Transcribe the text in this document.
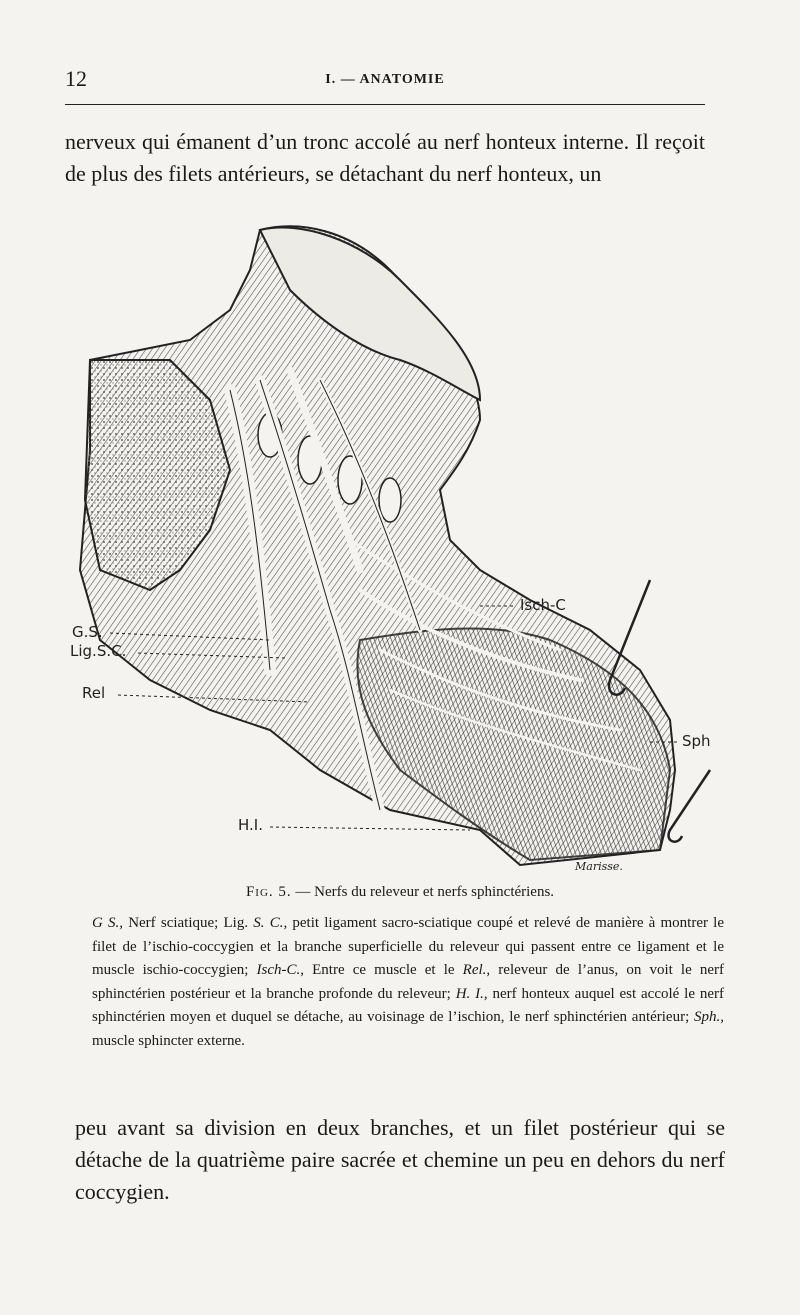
12	I. — ANATOMIE
nerveux qui émanent d’un tronc accolé au nerf honteux interne. Il reçoit de plus des filets antérieurs, se détachant du nerf honteux, un
G.S.
Lig.S.C.
Rel
H.I.
Isch-C
Sph
Marisse.
Fig. 5. — Nerfs du releveur et nerfs sphinctériens.
G S., Nerf sciatique; Lig. S. C., petit ligament sacro-sciatique coupé et relevé de manière à montrer le filet de l’ischio-coccygien et la branche superficielle du releveur qui passent entre ce ligament et le muscle ischio-coccygien; Isch-C., Entre ce muscle et le Rel., releveur de l’anus, on voit le nerf sphinctérien postérieur et la branche profonde du releveur; H. I., nerf honteux auquel est accolé le nerf sphinctérien moyen et duquel se détache, au voisinage de l’ischion, le nerf sphinctérien antérieur; Sph., muscle sphincter externe.
peu avant sa division en deux branches, et un filet postérieur qui se détache de la quatrième paire sacrée et chemine un peu en dehors du nerf coccygien.
